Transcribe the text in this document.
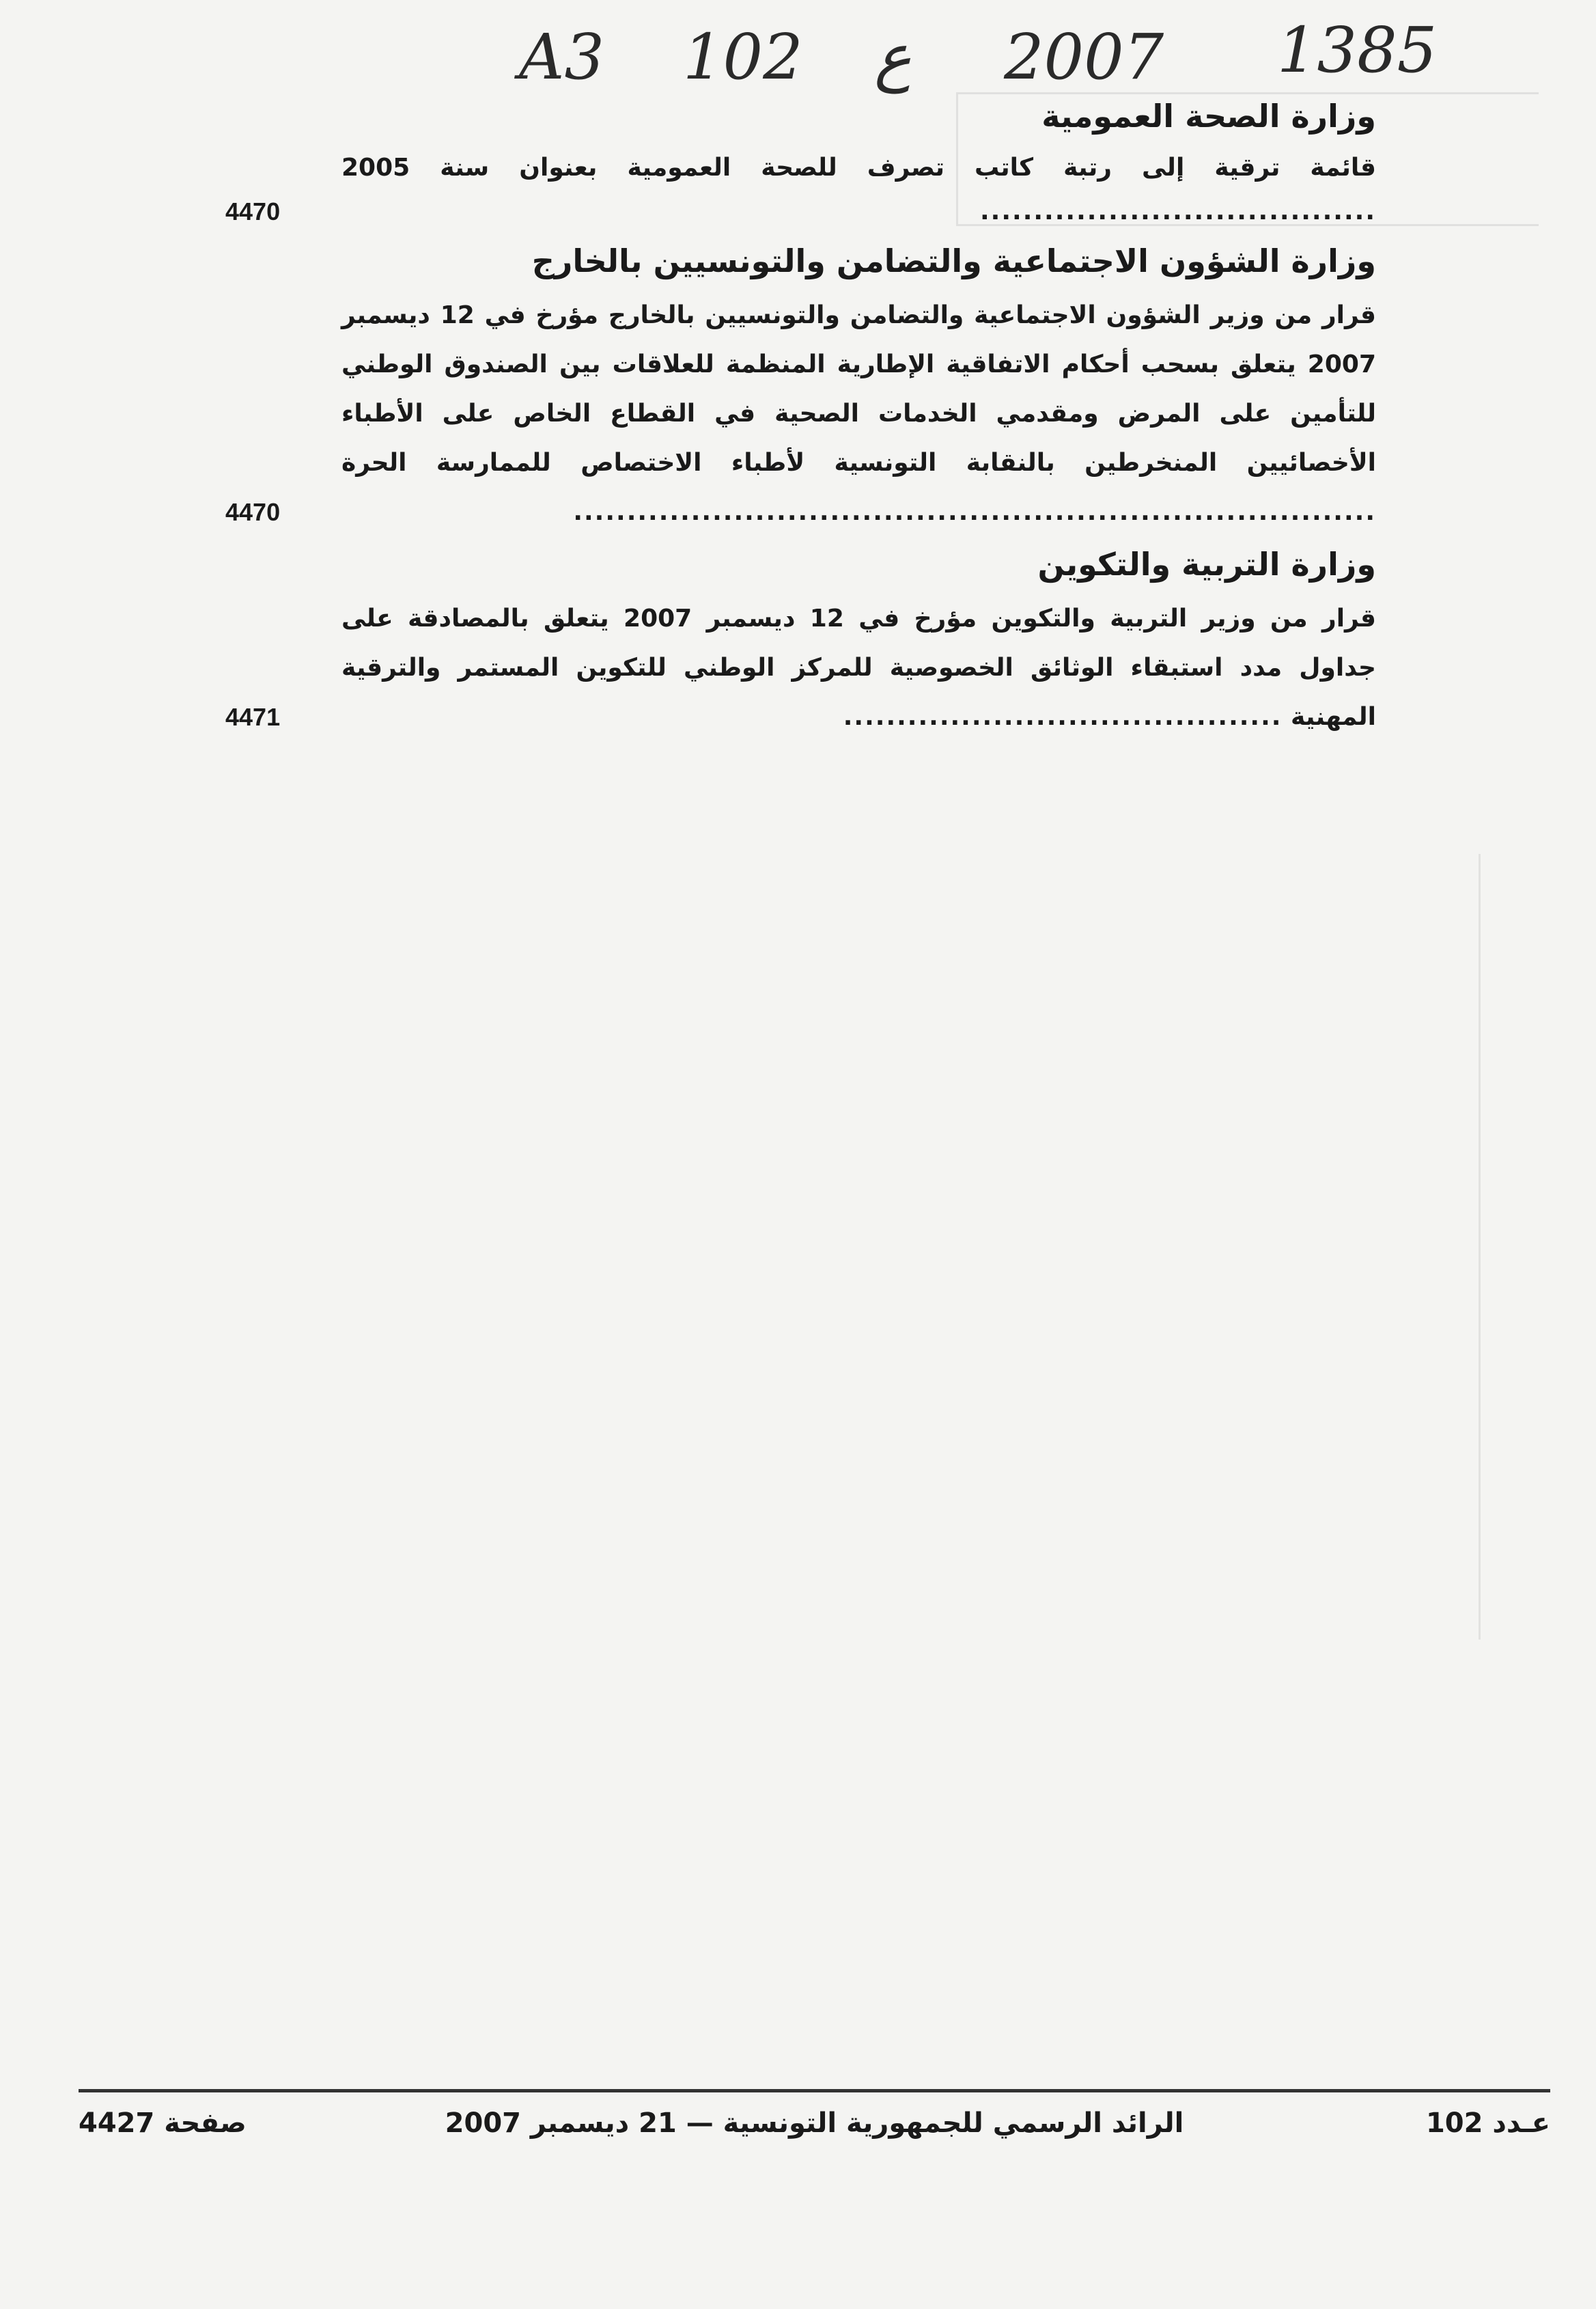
A3 102 ع 2007 1385
وزارة الصحة العمومية
قائمة ترقية إلى رتبة كاتب تصرف للصحة العمومية بعنوان سنة 2005 .....................................
4470
وزارة الشؤون الاجتماعية والتضامن والتونسيين بالخارج
قرار من وزير الشؤون الاجتماعية والتضامن والتونسيين بالخارج مؤرخ في 12 ديسمبر 2007 يتعلق بسحب أحكام الاتفاقية الإطارية المنظمة للعلاقات بين الصندوق الوطني للتأمين على المرض ومقدمي الخدمات الصحية في القطاع الخاص على الأطباء الأخصائيين المنخرطين بالنقابة التونسية لأطباء الاختصاص للممارسة الحرة ...........................................................................
4470
وزارة التربية والتكوين
قرار من وزير التربية والتكوين مؤرخ في 12 ديسمبر 2007 يتعلق بالمصادقة على جداول مدد استبقاء الوثائق الخصوصية للمركز الوطني للتكوين المستمر والترقية المهنية .........................................
4471
عـدد 102
الرائد الرسمي للجمهورية التونسية — 21 ديسمبر 2007
صفحة 4427
